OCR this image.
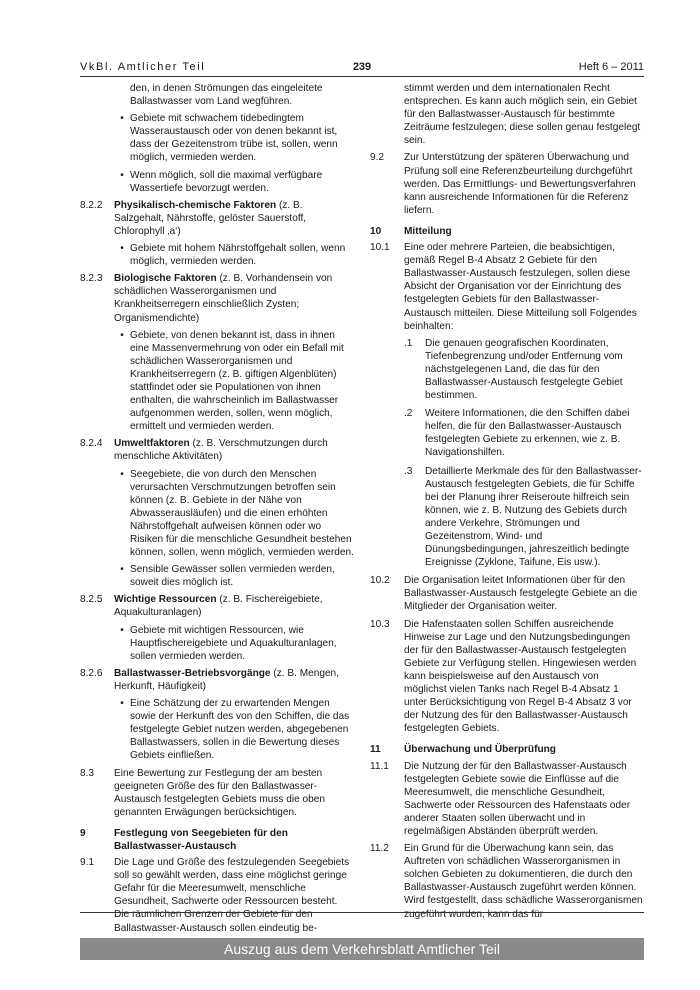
VkBl. Amtlicher Teil	239	Heft 6 – 2011
den, in denen Strömungen das eingeleitete Ballastwasser vom Land wegführen.
• Gebiete mit schwachem tidebedingtem Wasseraustausch oder von denen bekannt ist, dass der Gezeitenstrom trübe ist, sollen, wenn möglich, vermieden werden.
• Wenn möglich, soll die maximal verfügbare Wassertiefe bevorzugt werden.
8.2.2	Physikalisch-chemische Faktoren (z. B. Salzgehalt, Nährstoffe, gelöster Sauerstoff, Chlorophyll ‚a‘)
• Gebiete mit hohem Nährstoffgehalt sollen, wenn möglich, vermieden werden.
8.2.3	Biologische Faktoren (z. B. Vorhandensein von schädlichen Wasserorganismen und Krankheitserregern einschließlich Zysten; Organismendichte)
• Gebiete, von denen bekannt ist, dass in ihnen eine Massenvermehrung von oder ein Befall mit schädlichen Wasserorganismen und Krankheitserregern (z. B. giftigen Algenblüten) stattfindet oder sie Populationen von ihnen enthalten, die wahrscheinlich im Ballastwasser aufgenommen werden, sollen, wenn möglich, ermittelt und vermieden werden.
8.2.4	Umweltfaktoren (z. B. Verschmutzungen durch menschliche Aktivitäten)
• Seegebiete, die von durch den Menschen verursachten Verschmutzungen betroffen sein können (z. B. Gebiete in der Nähe von Abwasserausläufen) und die einen erhöhten Nährstoffgehalt aufweisen können oder wo Risiken für die menschliche Gesundheit bestehen können, sollen, wenn möglich, vermieden werden.
• Sensible Gewässer sollen vermieden werden, soweit dies möglich ist.
8.2.5	Wichtige Ressourcen (z. B. Fischereigebiete, Aquakulturanlagen)
• Gebiete mit wichtigen Ressourcen, wie Hauptfischereigebiete und Aquakulturanlagen, sollen vermieden werden.
8.2.6	Ballastwasser-Betriebsvorgänge (z. B. Mengen, Herkunft, Häufigkeit)
• Eine Schätzung der zu erwartenden Mengen sowie der Herkunft des von den Schiffen, die das festgelegte Gebiet nutzen werden, abgegebenen Ballastwassers, sollen in die Bewertung dieses Gebiets einfließen.
8.3	Eine Bewertung zur Festlegung der am besten geeigneten Größe des für den Ballastwasser-Austausch festgelegten Gebiets muss die oben genannten Erwägungen berücksichtigen.
9	Festlegung von Seegebieten für den Ballastwasser-Austausch
9.1	Die Lage und Größe des festzulegenden Seegebiets soll so gewählt werden, dass eine möglichst geringe Gefahr für die Meeresumwelt, menschliche Gesundheit, Sachwerte oder Ressourcen besteht. Die räumlichen Grenzen der Gebiete für den Ballastwasser-Austausch sollen eindeutig be-
stimmt werden und dem internationalen Recht entsprechen. Es kann auch möglich sein, ein Gebiet für den Ballastwasser-Austausch für bestimmte Zeiträume festzulegen; diese sollen genau festgelegt sein.
9.2	Zur Unterstützung der späteren Überwachung und Prüfung soll eine Referenzbeurteilung durchgeführt werden. Das Ermittlungs- und Bewertungsverfahren kann ausreichende Informationen für die Referenz liefern.
10	Mitteilung
10.1	Eine oder mehrere Parteien, die beabsichtigen, gemäß Regel B-4 Absatz 2 Gebiete für den Ballastwasser-Austausch festzulegen, sollen diese Absicht der Organisation vor der Einrichtung des festgelegten Gebiets für den Ballastwasser-Austausch mitteilen. Diese Mitteilung soll Folgendes beinhalten:
.1	Die genauen geografischen Koordinaten, Tiefenbegrenzung und/oder Entfernung vom nächstgelegenen Land, die das für den Ballastwasser-Austausch festgelegte Gebiet bestimmen.
.2	Weitere Informationen, die den Schiffen dabei helfen, die für den Ballastwasser-Austausch festgelegten Gebiete zu erkennen, wie z. B. Navigationshilfen.
.3	Detaillierte Merkmale des für den Ballastwasser-Austausch festgelegten Gebiets, die für Schiffe bei der Planung ihrer Reiseroute hilfreich sein können, wie z. B. Nutzung des Gebiets durch andere Verkehre, Strömungen und Gezeitenstrom, Wind- und Dünungsbedingungen, jahreszeitlich bedingte Ereignisse (Zyklone, Taifune, Eis usw.).
10.2	Die Organisation leitet Informationen über für den Ballastwasser-Austausch festgelegte Gebiete an die Mitglieder der Organisation weiter.
10.3	Die Hafenstaaten sollen Schiffen ausreichende Hinweise zur Lage und den Nutzungsbedingungen der für den Ballastwasser-Austausch festgelegten Gebiete zur Verfügung stellen. Hingewiesen werden kann beispielsweise auf den Austausch von möglichst vielen Tanks nach Regel B-4 Absatz 1 unter Berücksichtigung von Regel B-4 Absatz 3 vor der Nutzung des für den Ballastwasser-Austausch festgelegten Gebiets.
11	Überwachung und Überprüfung
11.1	Die Nutzung der für den Ballastwasser-Austausch festgelegten Gebiete sowie die Einflüsse auf die Meeresumwelt, die menschliche Gesundheit, Sachwerte oder Ressourcen des Hafenstaats oder anderer Staaten sollen überwacht und in regelmäßigen Abständen überprüft werden.
11.2	Ein Grund für die Überwachung kann sein, das Auftreten von schädlichen Wasserorganismen in solchen Gebieten zu dokumentieren, die durch den Ballastwasser-Austausch zugeführt werden können. Wird festgestellt, dass schädliche Wasserorganismen zugeführt wurden, kann das für
Auszug aus dem Verkehrsblatt Amtlicher Teil
